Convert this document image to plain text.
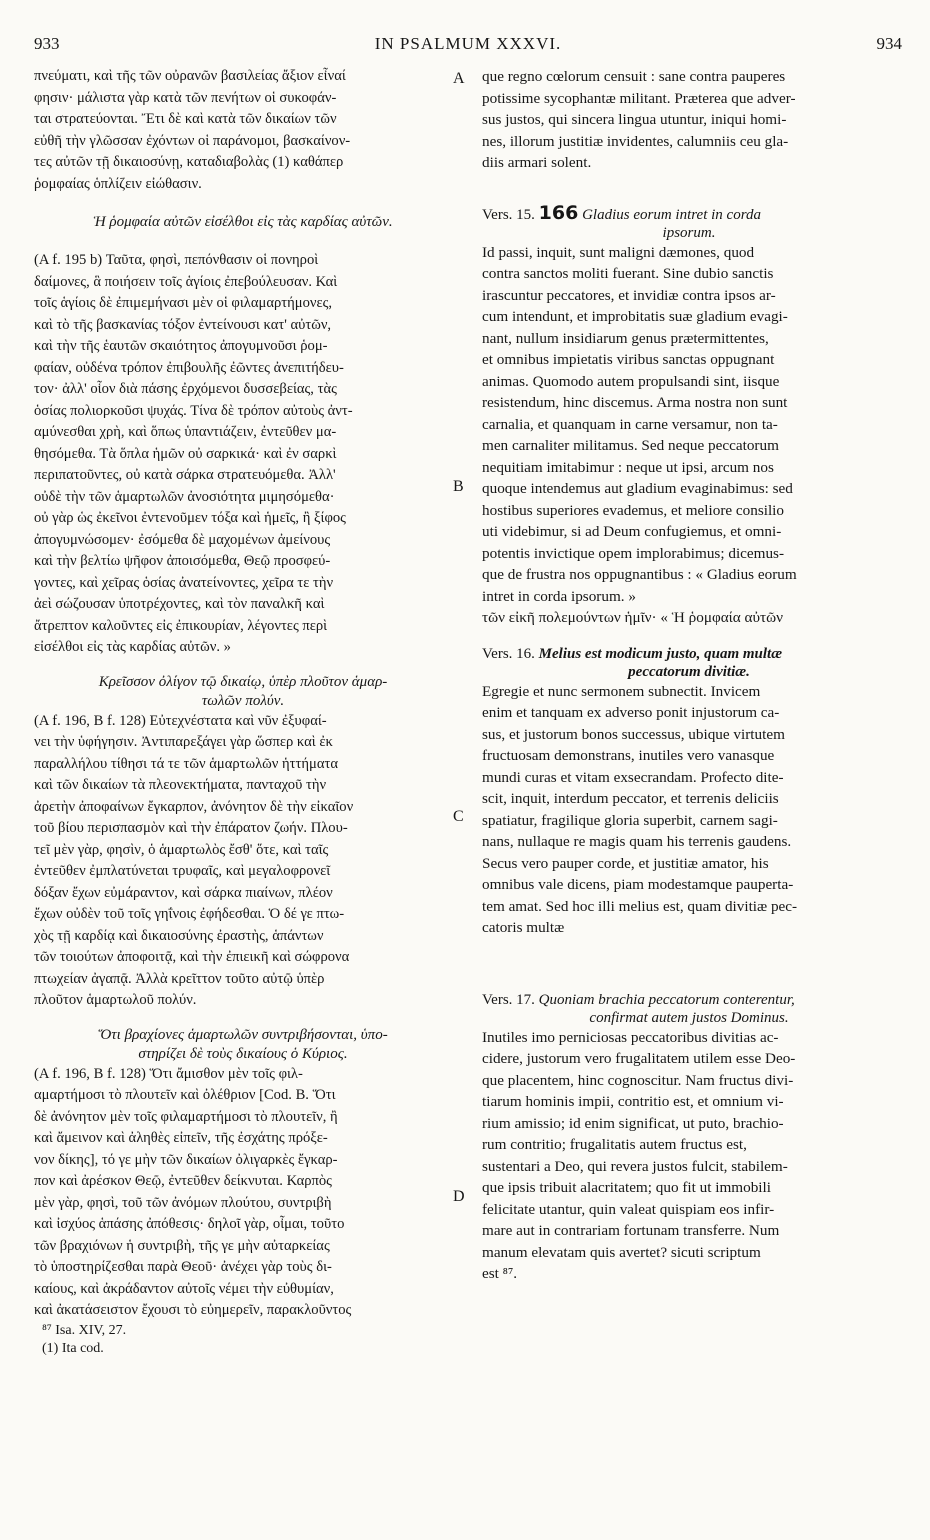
933	IN PSALMUM XXXVI.	934
A
B
C
D
πνεύματι, καὶ τῆς τῶν οὐρανῶν βασιλείας ἄξιον εἶναί
φησιν· μάλιστα γὰρ κατὰ τῶν πενήτων οἱ συκοφάν-
ται στρατεύονται. Ἔτι δὲ καὶ κατὰ τῶν δικαίων τῶν
εὐθῆ τὴν γλῶσσαν ἐχόντων οἱ παράνομοι, βασκαίνον-
τες αὐτῶν τῇ δικαιοσύνῃ, καταδιαβολὰς (1) καθάπερ
ῥομφαίας ὁπλίζειν εἰώθασιν.
Ἡ ῥομφαία αὐτῶν εἰσέλθοι εἰς τὰς καρδίας αὐτῶν.
(A f. 195 b) Ταῦτα, φησὶ, πεπόνθασιν οἱ πονηροὶ
δαίμονες, ἃ ποιήσειν τοῖς ἁγίοις ἐπεβούλευσαν. Καὶ
τοῖς ἁγίοις δὲ ἐπιμεμήνασι μὲν οἱ φιλαμαρτήμονες,
καὶ τὸ τῆς βασκανίας τόξον ἐντείνουσι κατ' αὐτῶν,
καὶ τὴν τῆς ἑαυτῶν σκαιότητος ἀπογυμνοῦσι ῥομ-
φαίαν, οὐδένα τρόπον ἐπιβουλῆς ἐῶντες ἀνεπιτήδευ-
τον· ἀλλ' οἷον διὰ πάσης ἐρχόμενοι δυσσεβείας, τὰς
ὁσίας πολιορκοῦσι ψυχάς. Τίνα δὲ τρόπον αὐτοὺς ἀντ-
αμύνεσθαι χρὴ, καὶ ὅπως ὑπαντιάζειν, ἐντεῦθεν μα-
θησόμεθα. Τὰ ὅπλα ἡμῶν οὐ σαρκικά· καὶ ἐν σαρκὶ
περιπατοῦντες, οὐ κατὰ σάρκα στρατευόμεθα. Ἀλλ'
οὐδὲ τὴν τῶν ἁμαρτωλῶν ἀνοσιότητα μιμησόμεθα·
οὐ γὰρ ὡς ἐκεῖνοι ἐντενοῦμεν τόξα καὶ ἡμεῖς, ἢ ξίφος
ἀπογυμνώσομεν· ἐσόμεθα δὲ μαχομένων ἀμείνους
καὶ τὴν βελτίω ψῆφον ἀποισόμεθα, Θεῷ προσφεύ-
γοντες, καὶ χεῖρας ὁσίας ἀνατείνοντες, χεῖρα τε τὴν
ἀεὶ σώζουσαν ὑποτρέχοντες, καὶ τὸν παναλκῆ καὶ
ἄτρεπτον καλοῦντες εἰς ἐπικουρίαν, λέγοντες περὶ
εἰσέλθοι εἰς τὰς καρδίας αὐτῶν. »
Κρεῖσσον ὀλίγον τῷ δικαίῳ, ὑπὲρ πλοῦτον ἁμαρ-
τωλῶν πολύν.
(A f. 196, B f. 128) Εὐτεχνέστατα καὶ νῦν ἐξυφαί-
νει τὴν ὑφήγησιν. Ἀντιπαρεξάγει γὰρ ὥσπερ καὶ ἐκ
παραλλήλου τίθησι τά τε τῶν ἁμαρτωλῶν ἡττήματα
καὶ τῶν δικαίων τὰ πλεονεκτήματα, πανταχοῦ τὴν
ἀρετὴν ἀποφαίνων ἔγκαρπον, ἀνόνητον δὲ τὴν εἰκαῖον
τοῦ βίου περισπασμὸν καὶ τὴν ἐπάρατον ζωήν. Πλου-
τεῖ μὲν γὰρ, φησὶν, ὁ ἁμαρτωλὸς ἔσθ' ὅτε, καὶ ταῖς
ἐντεῦθεν ἐμπλατύνεται τρυφαῖς, καὶ μεγαλοφρονεῖ
δόξαν ἔχων εὐμάραντον, καὶ σάρκα πιαίνων, πλέον
ἔχων οὐδὲν τοῦ τοῖς γηΐνοις ἐφήδεσθαι. Ὁ δέ γε πτω-
χὸς τῇ καρδίᾳ καὶ δικαιοσύνης ἐραστὴς, ἁπάντων
τῶν τοιούτων ἀποφοιτᾷ, καὶ τὴν ἐπιεικῆ καὶ σώφρονα
πτωχείαν ἀγαπᾷ. Ἀλλὰ κρεῖττον τοῦτο αὐτῷ ὑπὲρ
πλοῦτον ἁμαρτωλοῦ πολύν.
Ὅτι βραχίονες ἁμαρτωλῶν συντριβήσονται, ὑπο-
στηρίζει δὲ τοὺς δικαίους ὁ Κύριος.
(A f. 196, B f. 128) Ὅτι ἄμισθον μὲν τοῖς φιλ-
αμαρτήμοσι τὸ πλουτεῖν καὶ ὀλέθριον [Cod. B. Ὅτι
δὲ ἀνόνητον μὲν τοῖς φιλαμαρτήμοσι τὸ πλουτεῖν, ἢ
καὶ ἄμεινον καὶ ἀληθὲς εἰπεῖν, τῆς ἐσχάτης πρόξε-
νον δίκης], τό γε μὴν τῶν δικαίων ὀλιγαρκὲς ἔγκαρ-
πον καὶ ἀρέσκον Θεῷ, ἐντεῦθεν δείκνυται. Καρπὸς
μὲν γὰρ, φησὶ, τοῦ τῶν ἀνόμων πλούτου, συντριβὴ
καὶ ἰσχύος ἁπάσης ἀπόθεσις· δηλοῖ γὰρ, οἶμαι, τοῦτο
τῶν βραχιόνων ἡ συντριβὴ, τῆς γε μὴν αὐταρκείας
τὸ ὑποστηρίζεσθαι παρὰ Θεοῦ· ἀνέχει γὰρ τοὺς δι-
καίους, καὶ ἀκράδαντον αὐτοῖς νέμει τὴν εὐθυμίαν,
καὶ ἀκατάσειστον ἔχουσι τὸ εὐημερεῖν, παρακλοῦντος
⁸⁷ Isa. XIV, 27.
(1) Ita cod.
que regno cœlorum censuit : sane contra pauperes
potissime sycophantæ militant. Præterea que adver-
sus justos, qui sincera lingua utuntur, iniqui homi-
nes, illorum justitiæ invidentes, calumniis ceu gla-
diis armari solent.
Vers. 15. 166 Gladius eorum intret in corda
ipsorum.
Id passi, inquit, sunt maligni dæmones, quod
contra sanctos moliti fuerant. Sine dubio sanctis
irascuntur peccatores, et invidiæ contra ipsos ar-
cum intendunt, et improbitatis suæ gladium evagi-
nant, nullum insidiarum genus prætermittentes,
et omnibus impietatis viribus sanctas oppugnant
animas. Quomodo autem propulsandi sint, iisque
resistendum, hinc discemus. Arma nostra non sunt
carnalia, et quanquam in carne versamur, non ta-
men carnaliter militamus. Sed neque peccatorum
nequitiam imitabimur : neque ut ipsi, arcum nos
quoque intendemus aut gladium evaginabimus: sed
hostibus superiores evademus, et meliore consilio
uti videbimur, si ad Deum confugiemus, et omni-
potentis invictique opem implorabimus; dicemus-
que de frustra nos oppugnantibus : « Gladius eorum
intret in corda ipsorum. »
τῶν εἰκῆ πολεμούντων ἡμῖν· « Ἡ ῥομφαία αὐτῶν
Vers. 16. Melius est modicum justo, quam multæ
peccatorum divitiæ.
Egregie et nunc sermonem subnectit. Invicem
enim et tanquam ex adverso ponit injustorum ca-
sus, et justorum bonos successus, ubique virtutem
fructuosam demonstrans, inutiles vero vanasque
mundi curas et vitam exsecrandam. Profecto dite-
scit, inquit, interdum peccator, et terrenis deliciis
spatiatur, fragilique gloria superbit, carnem sagi-
nans, nullaque re magis quam his terrenis gaudens.
Secus vero pauper corde, et justitiæ amator, his
omnibus vale dicens, piam modestamque pauperta-
tem amat. Sed hoc illi melius est, quam divitiæ pec-
catoris multæ
Vers. 17. Quoniam brachia peccatorum conterentur,
confirmat autem justos Dominus.
Inutiles imo perniciosas peccatoribus divitias ac-
cidere, justorum vero frugalitatem utilem esse Deo-
que placentem, hinc cognoscitur. Nam fructus divi-
tiarum hominis impii, contritio est, et omnium vi-
rium amissio; id enim significat, ut puto, brachio-
rum contritio; frugalitatis autem fructus est,
sustentari a Deo, qui revera justos fulcit, stabilem-
que ipsis tribuit alacritatem; quo fit ut immobili
felicitate utantur, quin valeat quispiam eos infir-
mare aut in contrariam fortunam transferre. Num
manum elevatam quis avertet? sicuti scriptum
est ⁸⁷.
